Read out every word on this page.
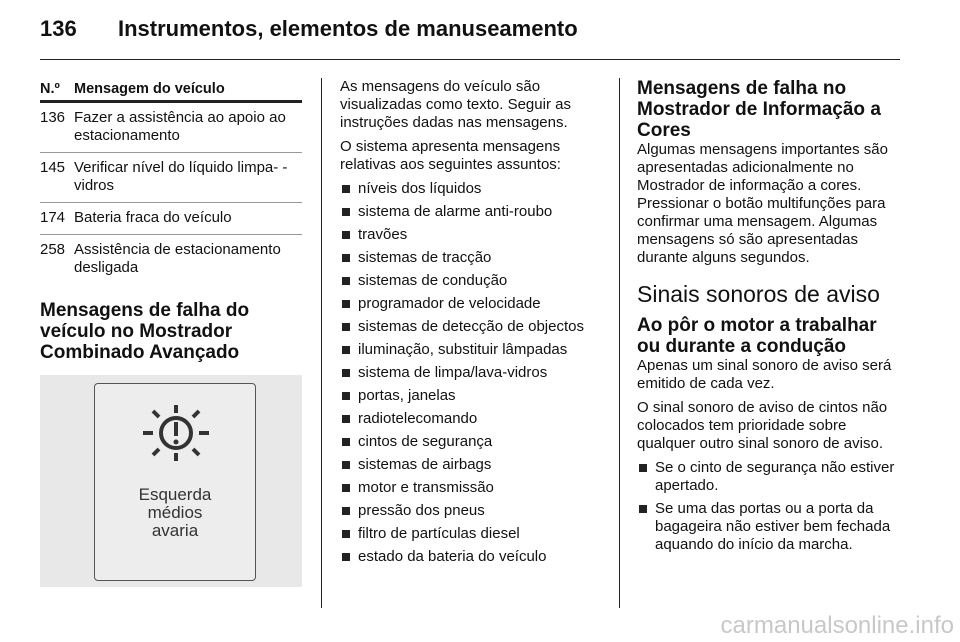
136 Instrumentos, elementos de manuseamento
N.º Mensagem do veículo
136 Fazer a assistência ao apoio ao estacionamento
145 Verificar nível do líquido limpa- -vidros
174 Bateria fraca do veículo
258 Assistência de estacionamento desligada
Mensagens de falha do veículo no Mostrador Combinado Avançado
Esquerda
médios
avaria

As mensagens do veículo são visualizadas como texto. Seguir as instruções dadas nas mensagens.

O sistema apresenta mensagens relativas aos seguintes assuntos:

níveis dos líquidos
sistema de alarme anti-roubo
travões
sistemas de tracção
sistemas de condução
programador de velocidade
sistemas de detecção de objectos
iluminação, substituir lâmpadas
sistema de limpa/lava-vidros
portas, janelas
radiotelecomando
cintos de segurança
sistemas de airbags
motor e transmissão
pressão dos pneus
filtro de partículas diesel
estado da bateria do veículo
Mensagens de falha no Mostrador de Informação a Cores

Algumas mensagens importantes são apresentadas adicionalmente no Mostrador de informação a cores. Pressionar o botão multifunções para confirmar uma mensagem. Algumas mensagens só são apresentadas durante alguns segundos.

Sinais sonoros de aviso
Ao pôr o motor a trabalhar ou durante a condução

Apenas um sinal sonoro de aviso será emitido de cada vez.

O sinal sonoro de aviso de cintos não colocados tem prioridade sobre qualquer outro sinal sonoro de aviso.

Se o cinto de segurança não estiver apertado.
Se uma das portas ou a porta da bagageira não estiver bem fechada aquando do início da marcha.
carmanualsonline.info
